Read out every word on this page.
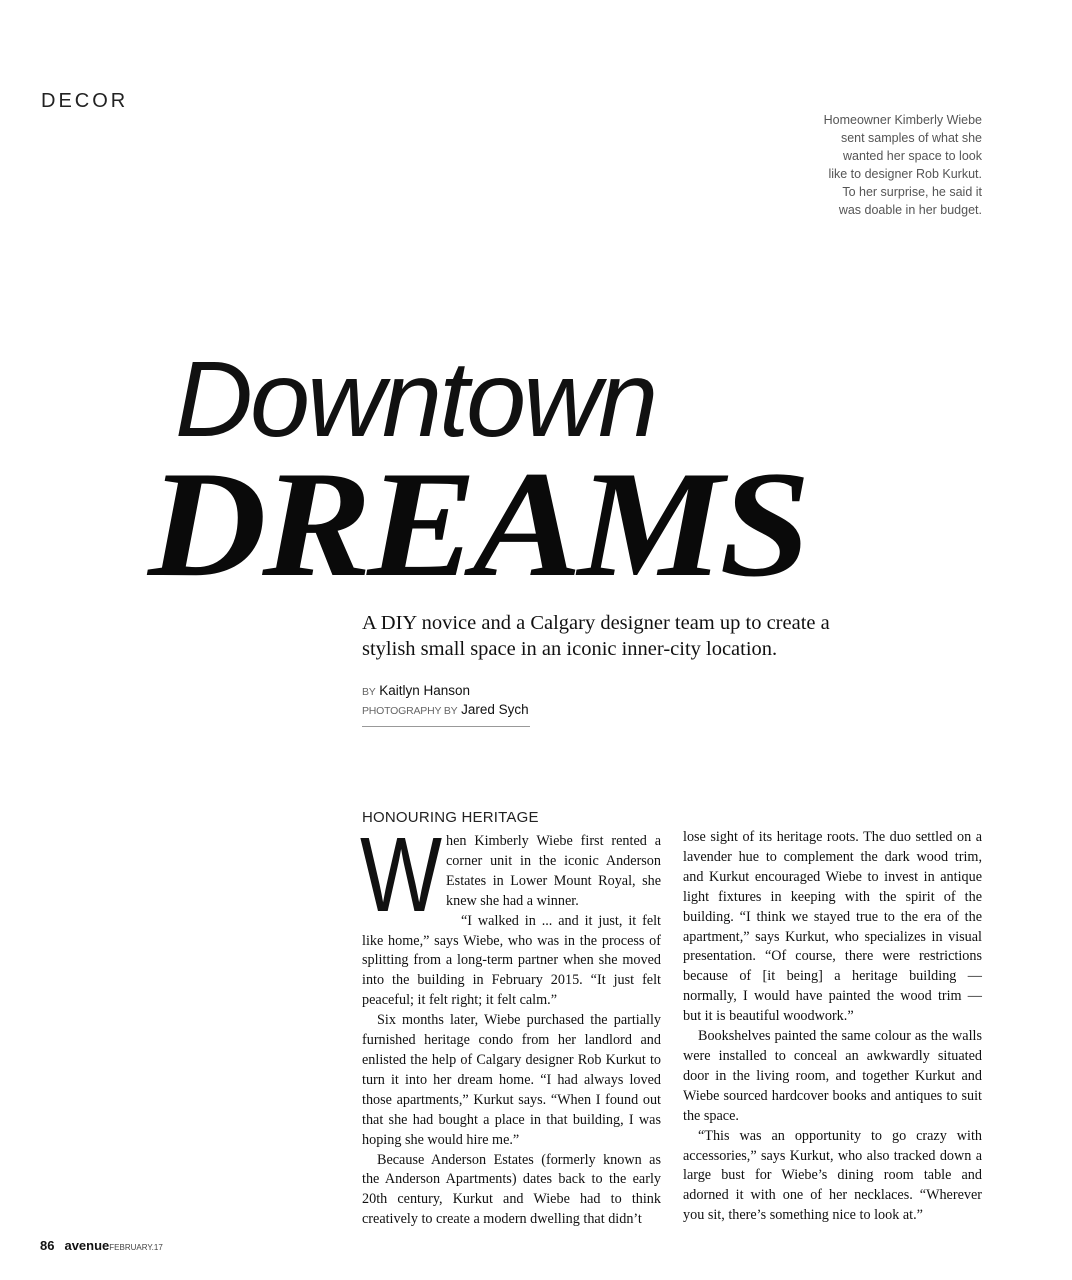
DECOR
Homeowner Kimberly Wiebe sent samples of what she wanted her space to look like to designer Rob Kurkut. To her surprise, he said it was doable in her budget.
Downtown
DREAMS
A DIY novice and a Calgary designer team up to create a stylish small space in an iconic inner-city location.
BY Kaitlyn Hanson
PHOTOGRAPHY BY Jared Sych
HONOURING HERITAGE

When Kimberly Wiebe first rented a corner unit in the iconic Anderson Estates in Lower Mount Royal, she knew she had a winner.

“I walked in ... and it just, it felt like home,” says Wiebe, who was in the process of splitting from a long-term partner when she moved into the building in February 2015. “It just felt peaceful; it felt right; it felt calm.”

Six months later, Wiebe purchased the partially furnished heritage condo from her landlord and enlisted the help of Calgary designer Rob Kurkut to turn it into her dream home. “I had always loved those apartments,” Kurkut says. “When I found out that she had bought a place in that building, I was hoping she would hire me.”

Because Anderson Estates (formerly known as the Anderson Apartments) dates back to the early 20th century, Kurkut and Wiebe had to think creatively to create a modern dwelling that didn’t

lose sight of its heritage roots. The duo settled on a lavender hue to complement the dark wood trim, and Kurkut encouraged Wiebe to invest in antique light fixtures in keeping with the spirit of the building. “I think we stayed true to the era of the apartment,” says Kurkut, who specializes in visual presentation. “Of course, there were restrictions because of [it being] a heritage building — normally, I would have painted the wood trim — but it is beautiful woodwork.”

Bookshelves painted the same colour as the walls were installed to conceal an awkwardly situated door in the living room, and together Kurkut and Wiebe sourced hardcover books and antiques to suit the space.

“This was an opportunity to go crazy with accessories,” says Kurkut, who also tracked down a large bust for Wiebe’s dining room table and adorned it with one of her necklaces. “Wherever you sit, there’s something nice to look at.”

86 avenue FEBRUARY.17
